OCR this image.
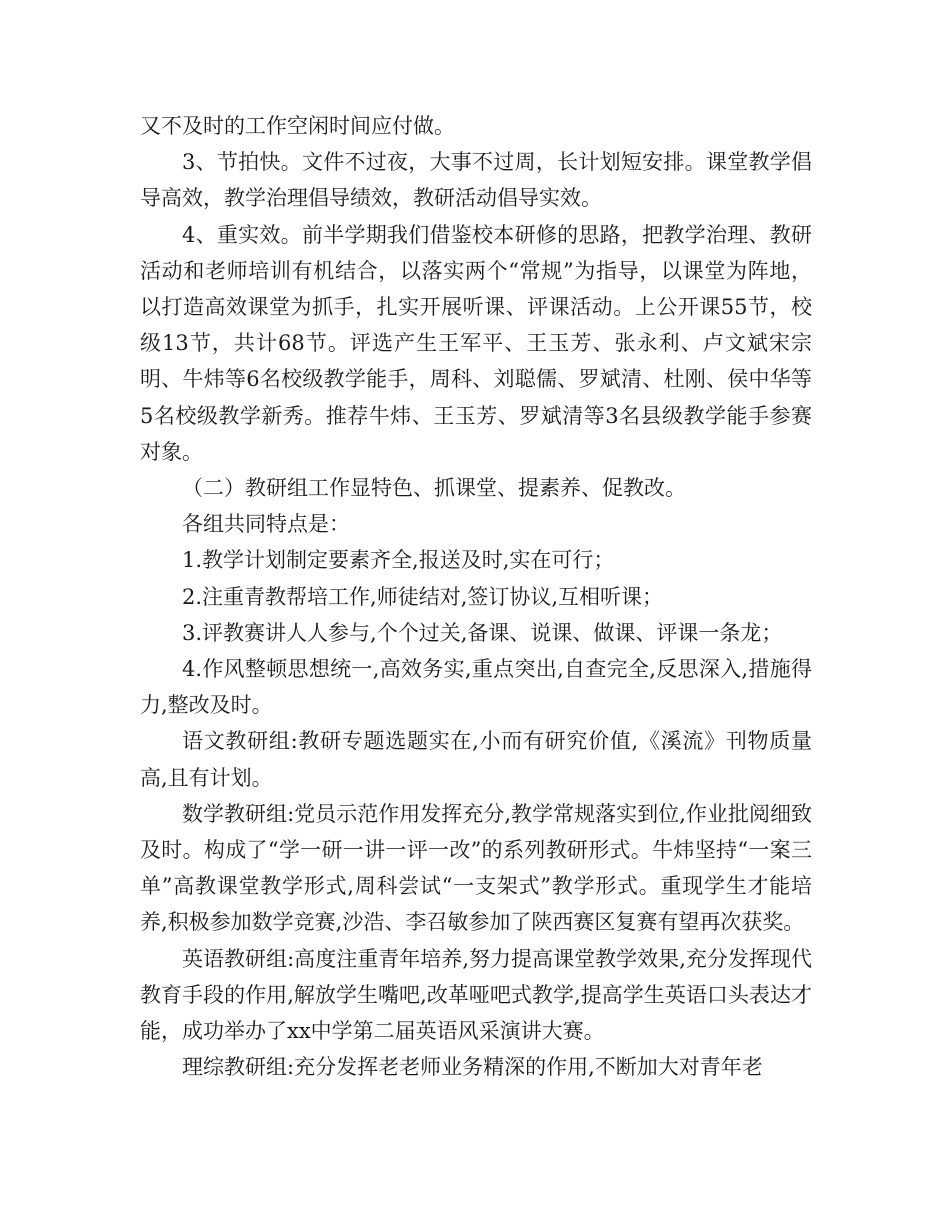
又不及时的工作空闲时间应付做。

3、节拍快。文件不过夜，大事不过周，长计划短安排。课堂教学倡导高效，教学治理倡导绩效，教研活动倡导实效。

4、重实效。前半学期我们借鉴校本研修的思路，把教学治理、教研活动和老师培训有机结合，以落实两个“常规”为指导，以课堂为阵地，以打造高效课堂为抓手，扎实开展听课、评课活动。上公开课55节，校级13节，共计68节。评选产生王军平、王玉芳、张永利、卢文斌宋宗明、牛炜等6名校级教学能手，周科、刘聪儒、罗斌清、杜刚、侯中华等5名校级教学新秀。推荐牛炜、王玉芳、罗斌清等3名县级教学能手参赛对象。

（二）教研组工作显特色、抓课堂、提素养、促教改。

各组共同特点是：

1.教学计划制定要素齐全,报送及时,实在可行；

2.注重青教帮培工作,师徒结对,签订协议,互相听课；

3.评教赛讲人人参与,个个过关,备课、说课、做课、评课一条龙；

4.作风整顿思想统一,高效务实,重点突出,自查完全,反思深入,措施得力,整改及时。

语文教研组:教研专题选题实在,小而有研究价值,《溪流》刊物质量高,且有计划。

数学教研组:党员示范作用发挥充分,教学常规落实到位,作业批阅细致及时。构成了“学一研一讲一评一改”的系列教研形式。牛炜坚持“一案三单”高教课堂教学形式,周科尝试“一支架式”教学形式。重现学生才能培养,积极参加数学竞赛,沙浩、李召敏参加了陕西赛区复赛有望再次获奖。

英语教研组:高度注重青年培养,努力提高课堂教学效果,充分发挥现代教育手段的作用,解放学生嘴吧,改革哑吧式教学,提高学生英语口头表达才能，成功举办了xx中学第二届英语风采演讲大赛。

理综教研组:充分发挥老老师业务精深的作用,不断加大对青年老
